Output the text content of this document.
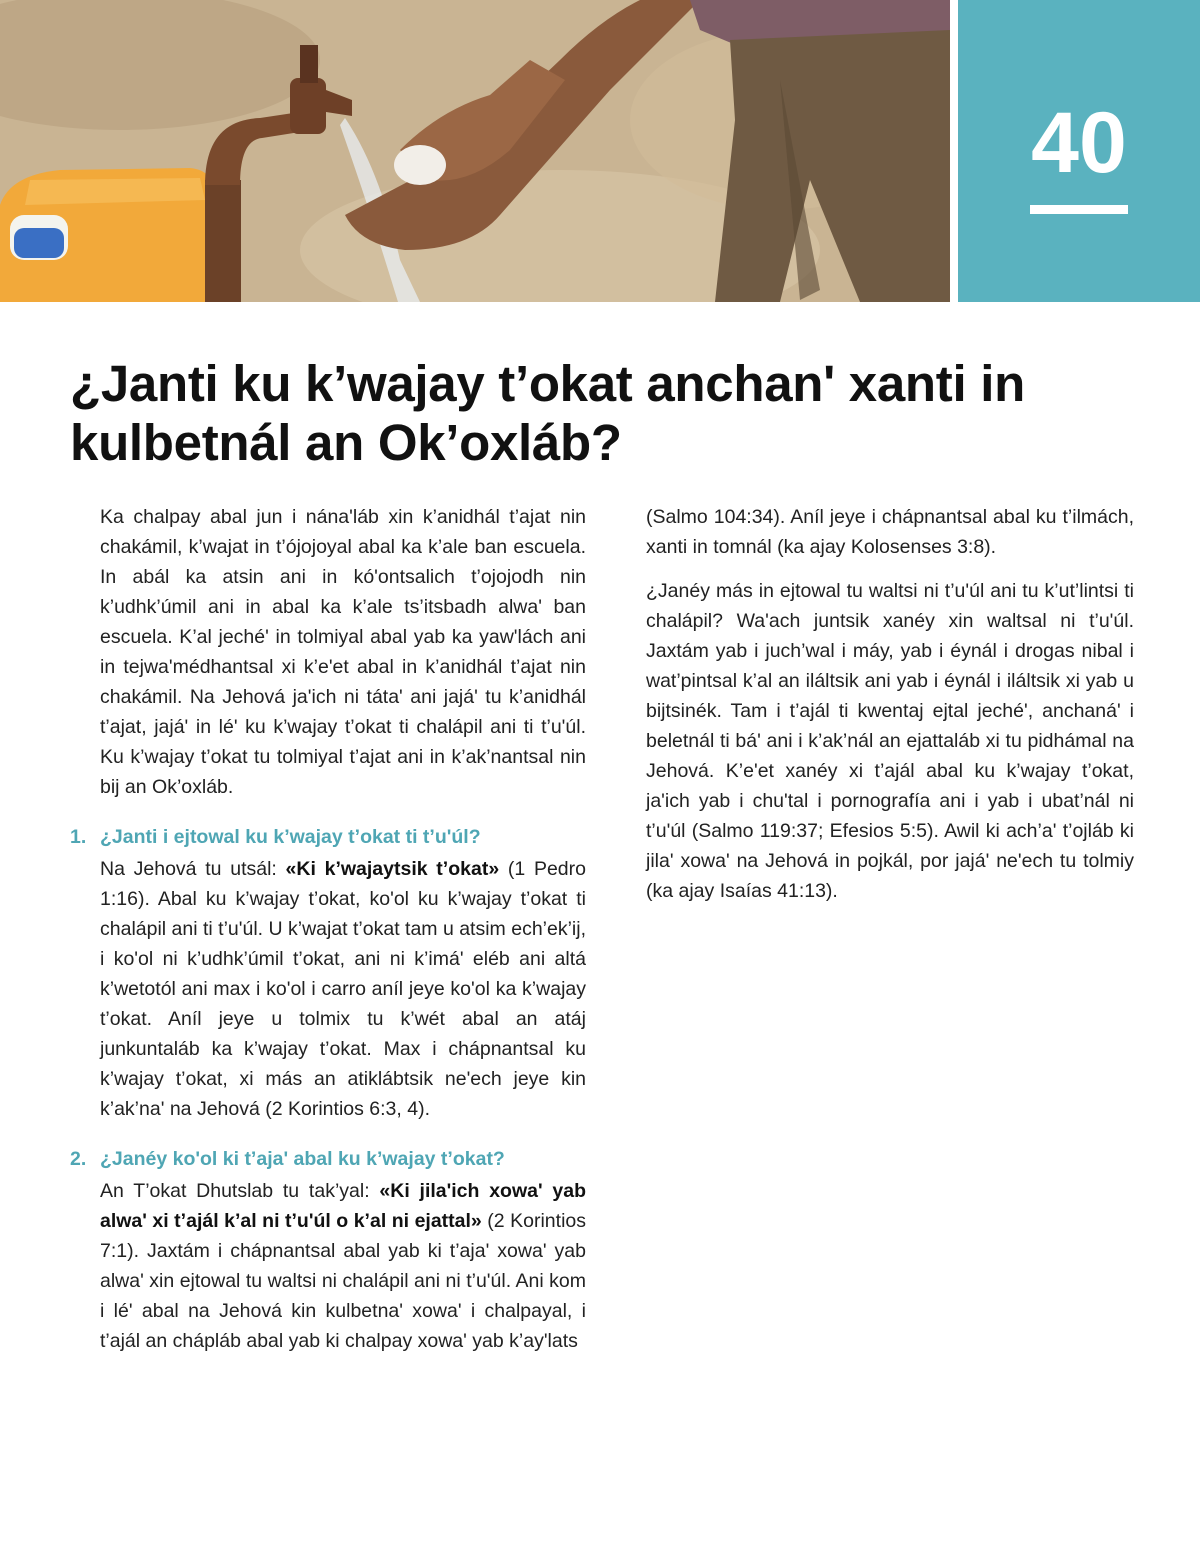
40
¿Janti ku k’wajay t’okat anchan' xanti in kulbetnál an Ok’oxláb?

Ka chalpay abal jun i nána'láb xin k’anidhál t’ajat nin chakámil, k’wajat in t’ójojoyal abal ka k’ale ban escuela. In abál ka atsin ani in kó'ontsalich t’ojojodh nin k’udhk’úmil ani in abal ka k’ale ts’itsbadh alwa' ban escuela. K’al jeché' in tolmiyal abal yab ka yaw'lách ani in tejwa'médhantsal xi k’e'et abal in k’anidhál t’ajat nin chakámil. Na Jehová ja'ich ni táta' ani jajá' tu k’anidhál t’ajat, jajá' in lé' ku k’wajay t’okat ti chalápil ani ti t’u'úl. Ku k’wajay t’okat tu tolmiyal t’ajat ani in k’ak’nantsal nin bij an Ok’oxláb.

1. ¿Janti i ejtowal ku k’wajay t’okat ti t’u'úl?

Na Jehová tu utsál: «Ki k’wajaytsik t’okat» (1 Pedro 1:16). Abal ku k’wajay t’okat, ko'ol ku k’wajay t’okat ti chalápil ani ti t’u'úl. U k’wajat t’okat tam u atsim ech’ek’ij, i ko'ol ni k’udhk’úmil t’okat, ani ni k’imá' eléb ani altá k’wetotól ani max i ko'ol i carro aníl jeye ko'ol ka k’wajay t’okat. Aníl jeye u tolmix tu k’wét abal an atáj junkuntaláb ka k’wajay t’okat. Max i chápnantsal ku k’wajay t’okat, xi más an atiklábtsik ne'ech jeye kin k’ak’na' na Jehová (2 Korintios 6:3, 4).

2. ¿Janéy ko'ol ki t’aja' abal ku k’wajay t’okat?

An T’okat Dhutslab tu tak’yal: «Ki jila'ich xowa' yab alwa' xi t’ajál k’al ni t’u'úl o k’al ni ejattal» (2 Korintios 7:1). Jaxtám i chápnantsal abal yab ki t’aja' xowa' yab alwa' xin ejtowal tu waltsi ni chalápil ani ni t’u'úl. Ani kom i lé' abal na Jehová kin kulbetna' xowa' i chalpayal, i t’ajál an chápláb abal yab ki chalpay xowa' yab k’ay'lats

(Salmo 104:34). Aníl jeye i chápnantsal abal ku t’ilmách, xanti in tomnál (ka ajay Kolosenses 3:8).

¿Janéy más in ejtowal tu waltsi ni t’u'úl ani tu k’ut’lintsi ti chalápil? Wa'ach juntsik xanéy xin waltsal ni t’u'úl. Jaxtám yab i juch’wal i máy, yab i éynál i drogas nibal i wat’pintsal k’al an iláltsik ani yab i éynál i iláltsik xi yab u bijtsinék. Tam i t’ajál ti kwentaj ejtal jeché', anchaná' i beletnál ti bá' ani i k’ak’nál an ejattaláb xi tu pidhámal na Jehová. K’e'et xanéy xi t’ajál abal ku k’wajay t’okat, ja'ich yab i chu'tal i pornografía ani i yab i ubat’nál ni t’u'úl (Salmo 119:37; Efesios 5:5). Awil ki ach’a' t’ojláb ki jila' xowa' na Jehová in pojkál, por jajá' ne'ech tu tolmiy (ka ajay Isaías 41:13).
